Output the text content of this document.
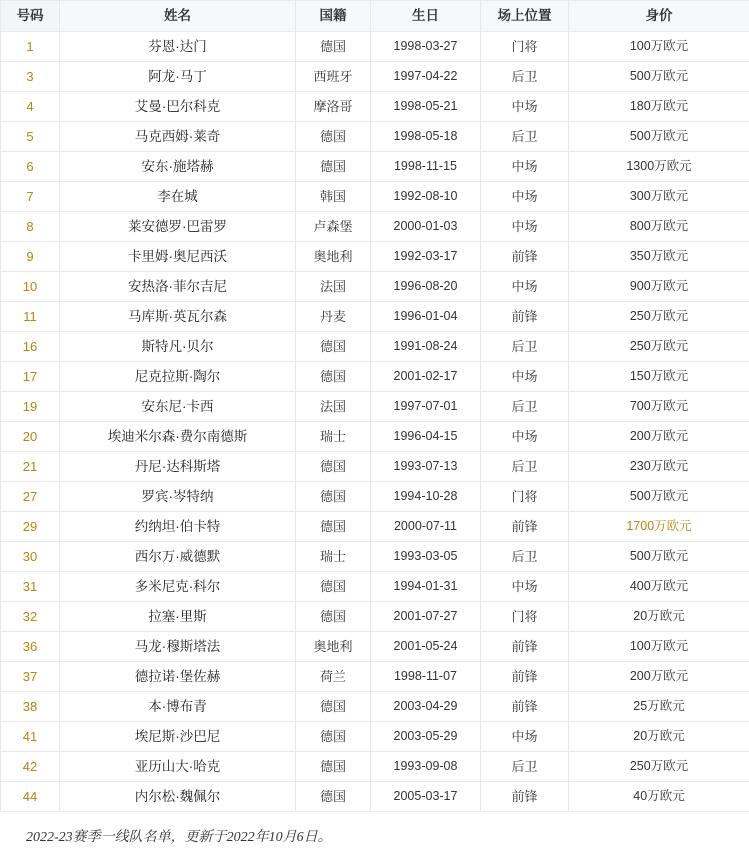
号码	姓名	国籍	生日	场上位置	身价
1	芬恩·达门	德国	1998-03-27	门将	100万欧元
3	阿龙·马丁	西班牙	1997-04-22	后卫	500万欧元
4	艾曼·巴尔科克	摩洛哥	1998-05-21	中场	180万欧元
5	马克西姆·莱奇	德国	1998-05-18	后卫	500万欧元
6	安东·施塔赫	德国	1998-11-15	中场	1300万欧元
7	李在城	韩国	1992-08-10	中场	300万欧元
8	莱安德罗·巴雷罗	卢森堡	2000-01-03	中场	800万欧元
9	卡里姆·奥尼西沃	奥地利	1992-03-17	前锋	350万欧元
10	安热洛·菲尔吉尼	法国	1996-08-20	中场	900万欧元
11	马库斯·英瓦尔森	丹麦	1996-01-04	前锋	250万欧元
16	斯特凡·贝尔	德国	1991-08-24	后卫	250万欧元
17	尼克拉斯·陶尔	德国	2001-02-17	中场	150万欧元
19	安东尼·卡西	法国	1997-07-01	后卫	700万欧元
20	埃迪米尔森·费尔南德斯	瑞士	1996-04-15	中场	200万欧元
21	丹尼·达科斯塔	德国	1993-07-13	后卫	230万欧元
27	罗宾·岑特纳	德国	1994-10-28	门将	500万欧元
29	约纳坦·伯卡特	德国	2000-07-11	前锋	1700万欧元
30	西尔万·威德默	瑞士	1993-03-05	后卫	500万欧元
31	多米尼克·科尔	德国	1994-01-31	中场	400万欧元
32	拉塞·里斯	德国	2001-07-27	门将	20万欧元
36	马龙·穆斯塔法	奥地利	2001-05-24	前锋	100万欧元
37	德拉诺·堡佐赫	荷兰	1998-11-07	前锋	200万欧元
38	本·博布青	德国	2003-04-29	前锋	25万欧元
41	埃尼斯·沙巴尼	德国	2003-05-29	中场	20万欧元
42	亚历山大·哈克	德国	1993-09-08	后卫	250万欧元
44	内尔松·魏佩尔	德国	2005-03-17	前锋	40万欧元
2022-23赛季一线队名单，更新于2022年10月6日。
